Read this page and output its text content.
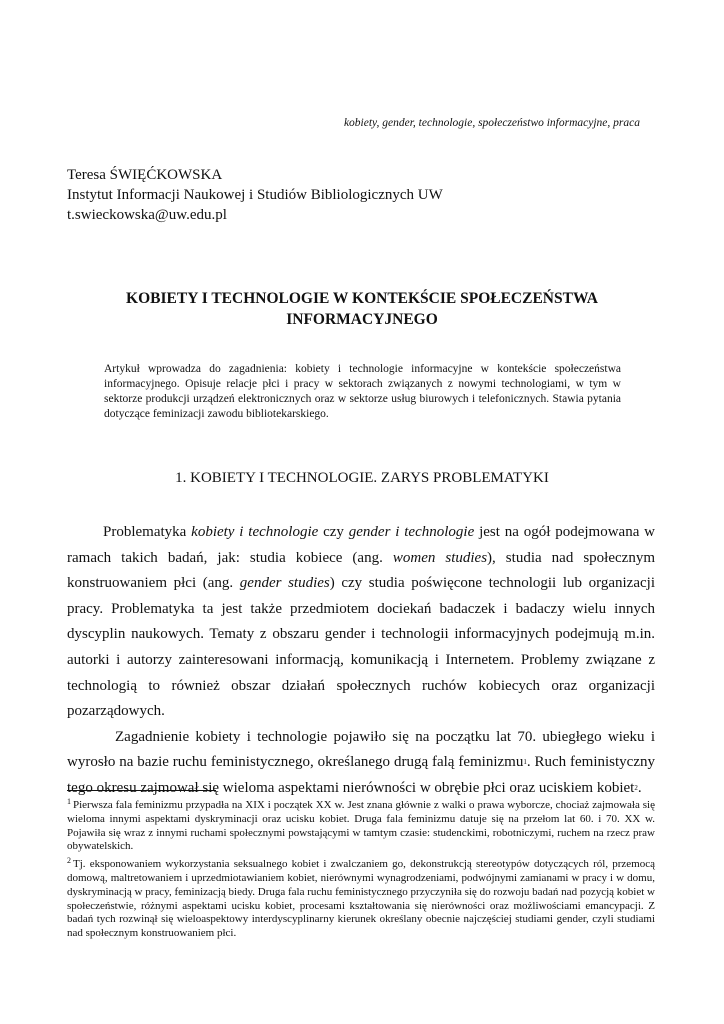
kobiety, gender, technologie, społeczeństwo informacyjne, praca
Teresa ŚWIĘĆKOWSKA
Instytut Informacji Naukowej i Studiów Bibliologicznych UW
t.swieckowska@uw.edu.pl
KOBIETY I TECHNOLOGIE W KONTEKŚCIE SPOŁECZEŃSTWA
INFORMACYJNEGO

Artykuł wprowadza do zagadnienia: kobiety i technologie informacyjne w kontekście społeczeństwa informacyjnego. Opisuje relacje płci i pracy w sektorach związanych z nowymi technologiami, w tym w sektorze produkcji urządzeń elektronicznych oraz w sektorze usług biurowych i telefonicznych. Stawia pytania dotyczące feminizacji zawodu bibliotekarskiego.

1. KOBIETY I TECHNOLOGIE. ZARYS PROBLEMATYKI

Problematyka kobiety i technologie czy gender i technologie jest na ogół podejmowana w ramach takich badań, jak: studia kobiece (ang. women studies), studia nad społecznym konstruowaniem płci (ang. gender studies) czy studia poświęcone technologii lub organizacji pracy. Problematyka ta jest także przedmiotem dociekań badaczek i badaczy wielu innych dyscyplin naukowych. Tematy z obszaru gender i technologii informacyjnych podejmują m.in. autorki i autorzy zainteresowani informacją, komunikacją i Internetem. Problemy związane z technologią to również obszar działań społecznych ruchów kobiecych oraz organizacji pozarządowych.

Zagadnienie kobiety i technologie pojawiło się na początku lat 70. ubiegłego wieku i wyrosło na bazie ruchu feministycznego, określanego drugą falą feminizmu$^1$. Ruch feministyczny tego okresu zajmował się wieloma aspektami nierówności w obrębie płci oraz uciskiem kobiet$^2$.

$^1$ Pierwsza fala feminizmu przypadła na XIX i początek XX w. Jest znana głównie z walki o prawa wyborcze, chociaż zajmowała się wieloma innymi aspektami dyskryminacji oraz ucisku kobiet. Druga fala feminizmu datuje się na przełom lat 60. i 70. XX w. Pojawiła się wraz z innymi ruchami społecznymi powstającymi w tamtym czasie: studenckimi, robotniczymi, ruchem na rzecz praw obywatelskich.

$^2$ Tj. eksponowaniem wykorzystania seksualnego kobiet i zwalczaniem go, dekonstrukcją stereotypów dotyczących ról, przemocą domową, maltretowaniem i uprzedmiotawianiem kobiet, nierównymi wynagrodzeniami, podwójnymi zamianami w pracy i w domu, dyskryminacją w pracy, feminizacją biedy. Druga fala ruchu feministycznego przyczyniła się do rozwoju badań nad pozycją kobiet w społeczeństwie, różnymi aspektami ucisku kobiet, procesami kształtowania się nierówności oraz możliwościami emancypacji. Z badań tych rozwinął się wieloaspektowy interdyscyplinarny kierunek określany obecnie najczęściej studiami gender, czyli studiami nad społecznym konstruowaniem płci.
